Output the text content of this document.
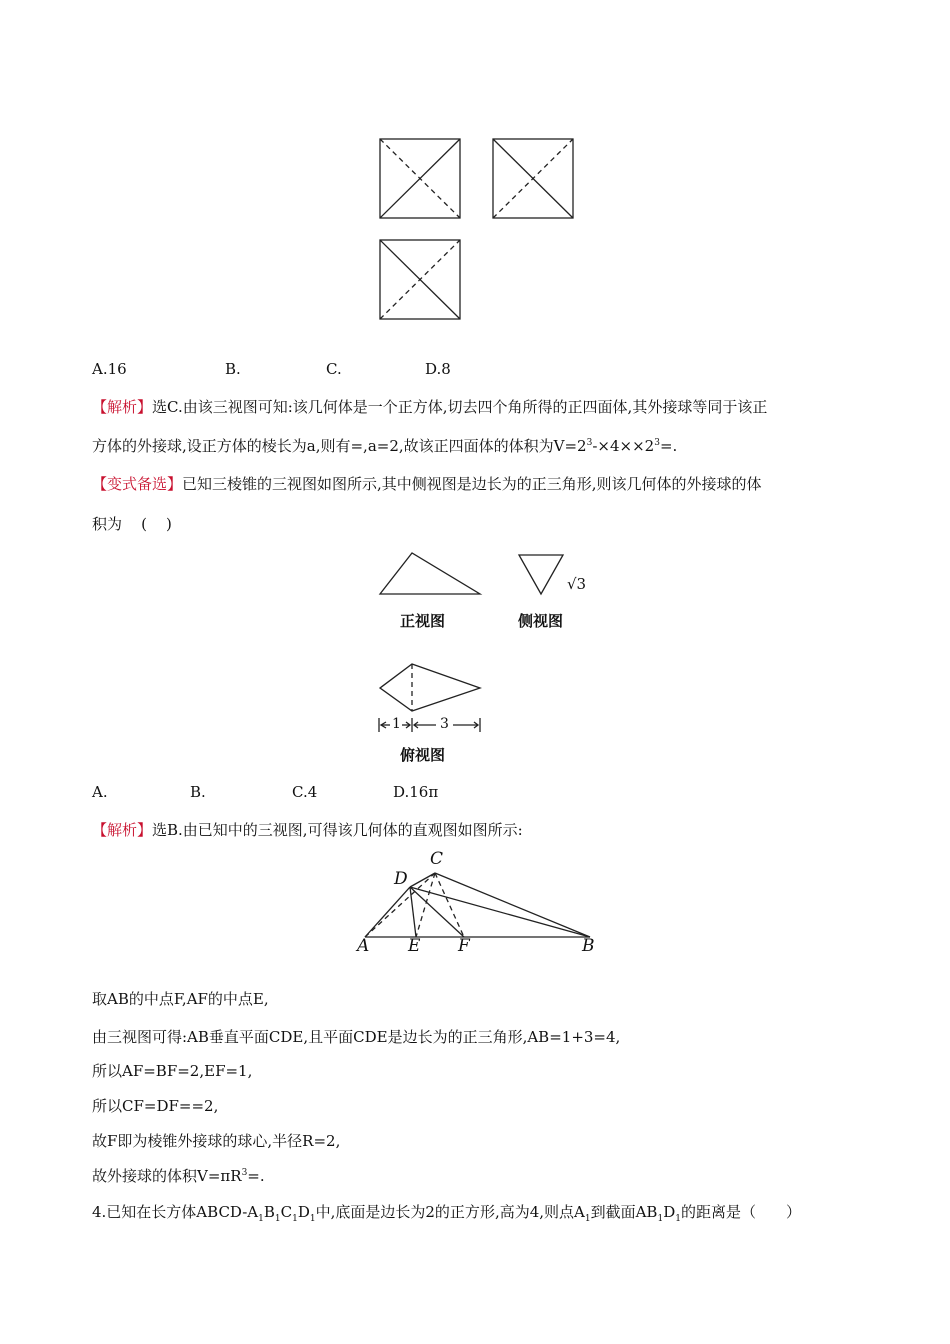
A.16	B.	C.	D.8
【解析】选C.由该三视图可知:该几何体是一个正方体,切去四个角所得的正四面体,其外接球等同于该正
方体的外接球,设正方体的棱长为a,则有=,a=2,故该正四面体的体积为$V=2^3-\times 4\times\times 2^3=$.
【变式备选】已知三棱锥的三视图如图所示,其中侧视图是边长为的正三角形,则该几何体的外接球的体
积为    (    )
√3
1	3
正视图	侧视图
俯视图
A.	B.	C.4	D.16π
【解析】选B.由已知中的三视图,可得该几何体的直观图如图所示:
C
D
A E F	B
取AB的中点F,AF的中点E,
由三视图可得:AB垂直平面CDE,且平面CDE是边长为的正三角形,AB=1+3=4,
所以AF=BF=2,EF=1,
所以CF=DF==2,
故F即为棱锥外接球的球心,半径R=2,
故外接球的体积$V=\pi R^3=$.
4.已知在长方体ABCD-$A_1B_1C_1D_1$中,底面是边长为2的正方形,高为4,则点$A_1$到截面$AB_1D_1$的距离是（　　）
